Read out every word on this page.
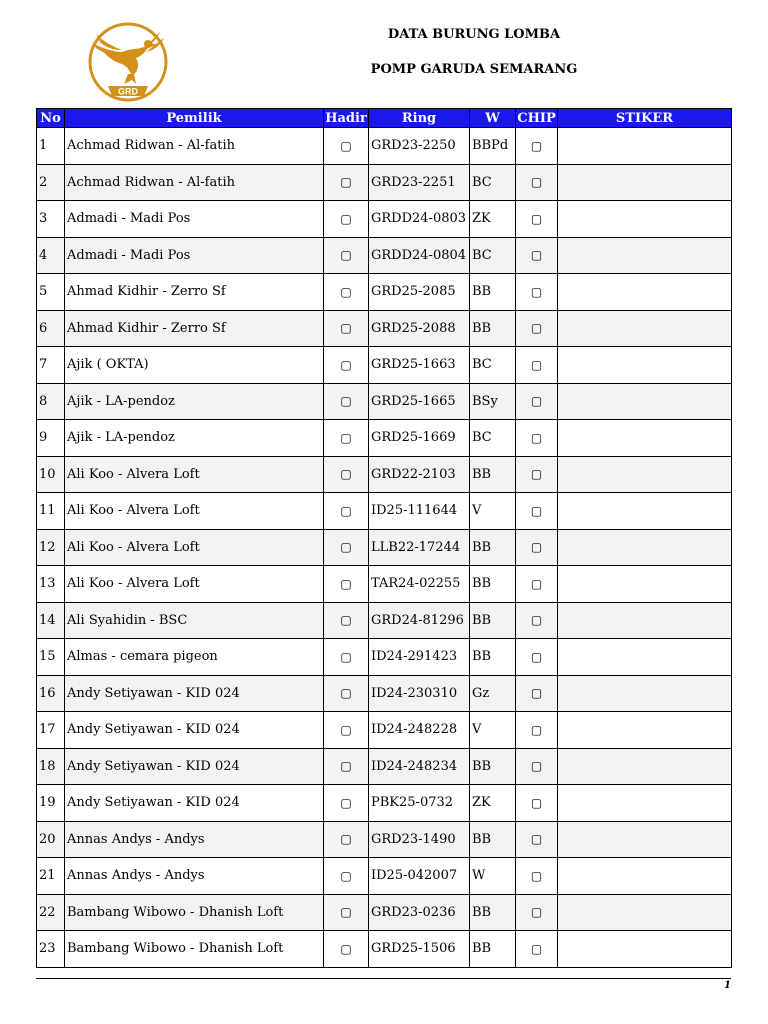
GRD
DATA BURUNG LOMBA
POMP GARUDA SEMARANG
No	Pemilik	Hadir	Ring	W	CHIP	STIKER
1	Achmad Ridwan - Al-fatih	▢	GRD23-2250	BBPd	▢	
2	Achmad Ridwan - Al-fatih	▢	GRD23-2251	BC	▢	
3	Admadi - Madi Pos	▢	GRDD24-0803	ZK	▢	
4	Admadi - Madi Pos	▢	GRDD24-0804	BC	▢	
5	Ahmad Kidhir - Zerro Sf	▢	GRD25-2085	BB	▢	
6	Ahmad Kidhir - Zerro Sf	▢	GRD25-2088	BB	▢	
7	Ajik ( OKTA)	▢	GRD25-1663	BC	▢	
8	Ajik - LA-pendoz	▢	GRD25-1665	BSy	▢	
9	Ajik - LA-pendoz	▢	GRD25-1669	BC	▢	
10	Ali Koo - Alvera Loft	▢	GRD22-2103	BB	▢	
11	Ali Koo - Alvera Loft	▢	ID25-111644	V	▢	
12	Ali Koo - Alvera Loft	▢	LLB22-17244	BB	▢	
13	Ali Koo - Alvera Loft	▢	TAR24-02255	BB	▢	
14	Ali Syahidin - BSC	▢	GRD24-81296	BB	▢	
15	Almas - cemara pigeon	▢	ID24-291423	BB	▢	
16	Andy Setiyawan - KID 024	▢	ID24-230310	Gz	▢	
17	Andy Setiyawan - KID 024	▢	ID24-248228	V	▢	
18	Andy Setiyawan - KID 024	▢	ID24-248234	BB	▢	
19	Andy Setiyawan - KID 024	▢	PBK25-0732	ZK	▢	
20	Annas Andys - Andys	▢	GRD23-1490	BB	▢	
21	Annas Andys - Andys	▢	ID25-042007	W	▢	
22	Bambang Wibowo - Dhanish Loft	▢	GRD23-0236	BB	▢	
23	Bambang Wibowo - Dhanish Loft	▢	GRD25-1506	BB	▢	
1
